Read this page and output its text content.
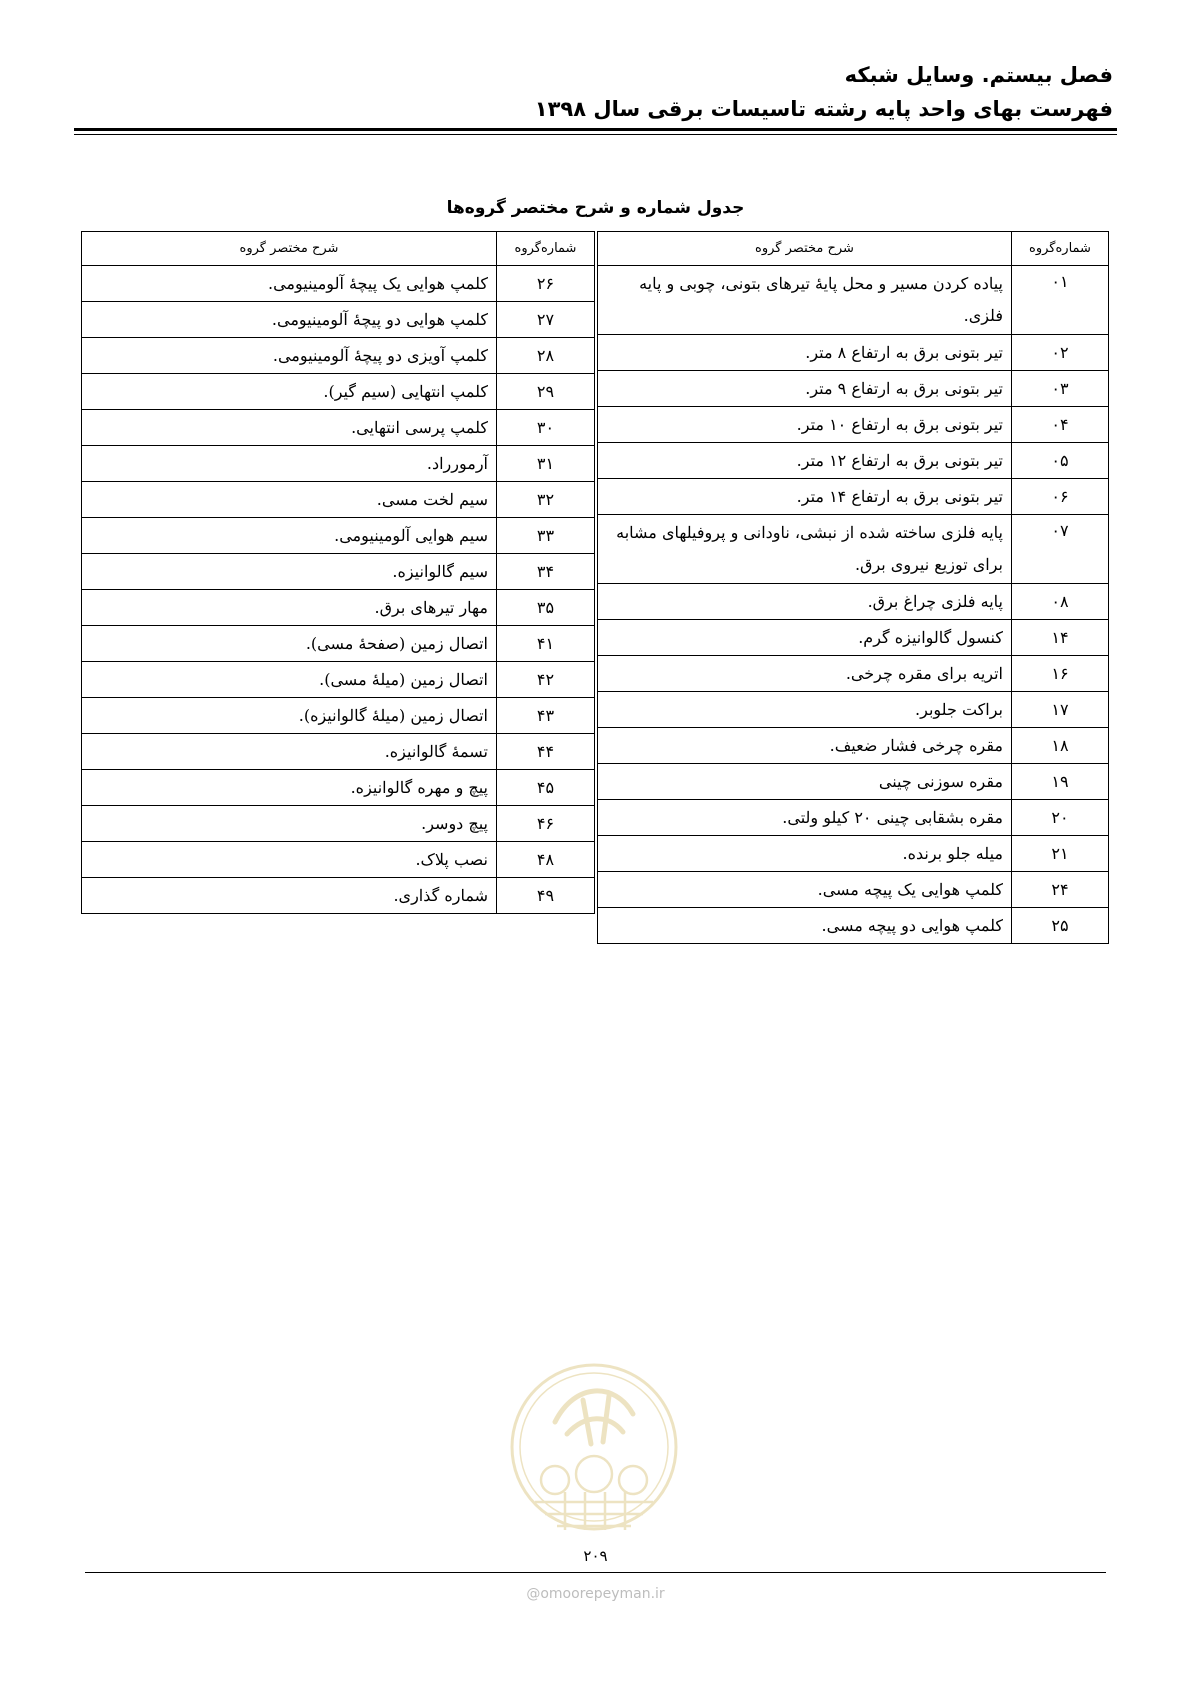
فصل بیستم. وسایل شبکه
فهرست بهای واحد پایه رشته تاسیسات برقی سال ۱۳۹۸
جدول شماره و شرح مختصر گروه‌ها
شماره‌گروه	شرح مختصر گروه
۰۱	پیاده کردن مسیر و محل پایهٔ تیرهای بتونی، چوبی و پایه فلزی.
۰۲	تیر بتونی برق به ارتفاع ۸ متر.
۰۳	تیر بتونی برق به ارتفاع ۹ متر.
۰۴	تیر بتونی برق به ارتفاع ۱۰ متر.
۰۵	تیر بتونی برق به ارتفاع ۱۲ متر.
۰۶	تیر بتونی برق به ارتفاع ۱۴ متر.
۰۷	پایه فلزی ساخته شده از نبشی، ناودانی و پروفیلهای مشابه برای توزیع نیروی برق.
۰۸	پایه فلزی چراغ برق.
۱۴	کنسول گالوانیزه گرم.
۱۶	اتریه برای مقره چرخی.
۱۷	براکت جلوبر.
۱۸	مقره چرخی فشار ضعیف.
۱۹	مقره سوزنی چینی
۲۰	مقره بشقابی چینی ۲۰ کیلو ولتی.
۲۱	میله جلو برنده.
۲۴	کلمپ هوایی یک پیچه مسی.
۲۵	کلمپ هوایی دو پیچه مسی.
شماره‌گروه	شرح مختصر گروه
۲۶	کلمپ هوایی یک پیچهٔ آلومینیومی.
۲۷	کلمپ هوایی دو پیچهٔ آلومینیومی.
۲۸	کلمپ آویزی دو پیچهٔ آلومینیومی.
۲۹	کلمپ انتهایی (سیم گیر).
۳۰	کلمپ پرسی انتهایی.
۳۱	آرمورراد.
۳۲	سیم لخت مسی.
۳۳	سیم هوایی آلومینیومی.
۳۴	سیم گالوانیزه.
۳۵	مهار تیرهای برق.
۴۱	اتصال زمین (صفحهٔ مسی).
۴۲	اتصال زمین (میلهٔ مسی).
۴۳	اتصال زمین (میلهٔ گالوانیزه).
۴۴	تسمهٔ گالوانیزه.
۴۵	پیچ و مهره گالوانیزه.
۴۶	پیچ دوسر.
۴۸	نصب پلاک.
۴۹	شماره گذاری.
۲۰۹
@omoorepeyman.ir
